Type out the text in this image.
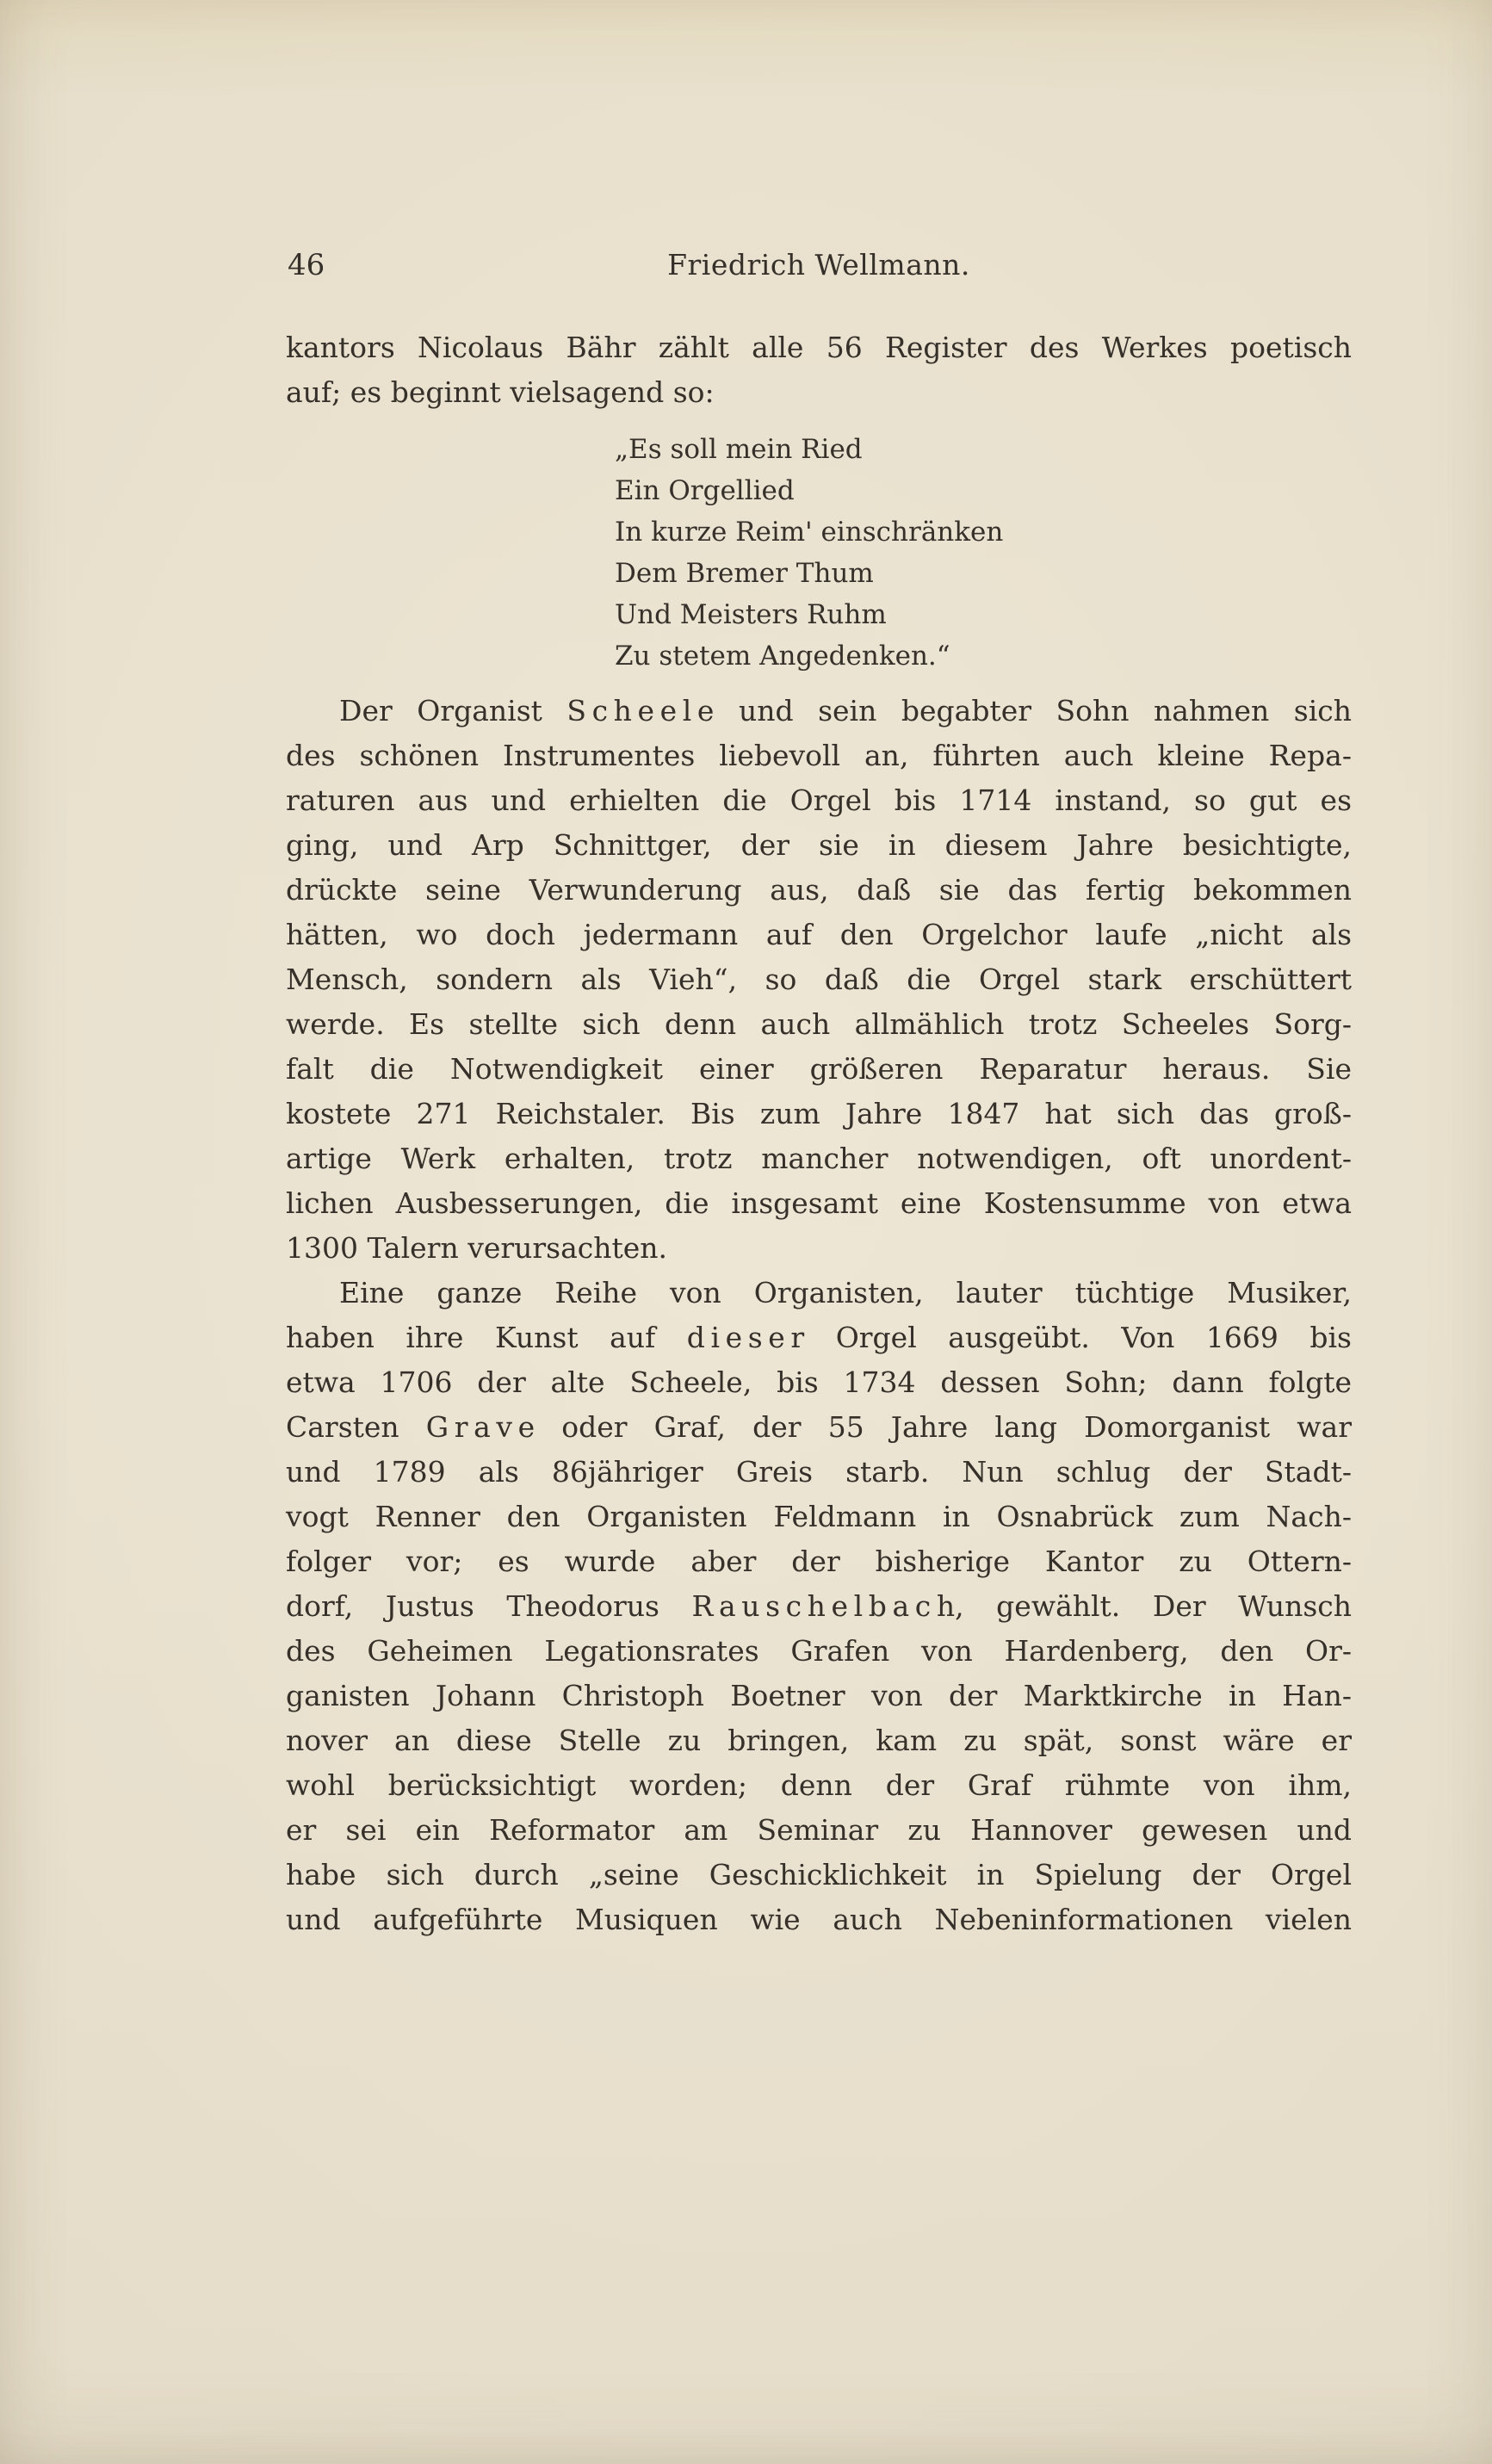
46	Friedrich Wellmann.
kantors Nicolaus Bähr zählt alle 56 Register des Werkes poetisch
auf; es beginnt vielsagend so:
„Es soll mein Ried
Ein Orgellied
In kurze Reim' einschränken
Dem Bremer Thum
Und Meisters Ruhm
Zu stetem Angedenken.“
Der Organist S c h e e l e und sein begabter Sohn nahmen sich
des schönen Instrumentes liebevoll an, führten auch kleine Repa-
raturen aus und erhielten die Orgel bis 1714 instand, so gut es
ging, und Arp Schnittger, der sie in diesem Jahre besichtigte,
drückte seine Verwunderung aus, daß sie das fertig bekommen
hätten, wo doch jedermann auf den Orgelchor laufe „nicht als
Mensch, sondern als Vieh“, so daß die Orgel stark erschüttert
werde. Es stellte sich denn auch allmählich trotz Scheeles Sorg-
falt die Notwendigkeit einer größeren Reparatur heraus. Sie
kostete 271 Reichstaler. Bis zum Jahre 1847 hat sich das groß-
artige Werk erhalten, trotz mancher notwendigen, oft unordent-
lichen Ausbesserungen, die insgesamt eine Kostensumme von etwa
1300 Talern verursachten.
Eine ganze Reihe von Organisten, lauter tüchtige Musiker,
haben ihre Kunst auf d i e s e r Orgel ausgeübt. Von 1669 bis
etwa 1706 der alte Scheele, bis 1734 dessen Sohn; dann folgte
Carsten G r a v e oder Graf, der 55 Jahre lang Domorganist war
und 1789 als 86jähriger Greis starb. Nun schlug der Stadt-
vogt Renner den Organisten Feldmann in Osnabrück zum Nach-
folger vor; es wurde aber der bisherige Kantor zu Ottern-
dorf, Justus Theodorus R a u s c h e l b a c h, gewählt. Der Wunsch
des Geheimen Legationsrates Grafen von Hardenberg, den Or-
ganisten Johann Christoph Boetner von der Marktkirche in Han-
nover an diese Stelle zu bringen, kam zu spät, sonst wäre er
wohl berücksichtigt worden; denn der Graf rühmte von ihm,
er sei ein Reformator am Seminar zu Hannover gewesen und
habe sich durch „seine Geschicklichkeit in Spielung der Orgel
und aufgeführte Musiquen wie auch Nebeninformationen vielen
